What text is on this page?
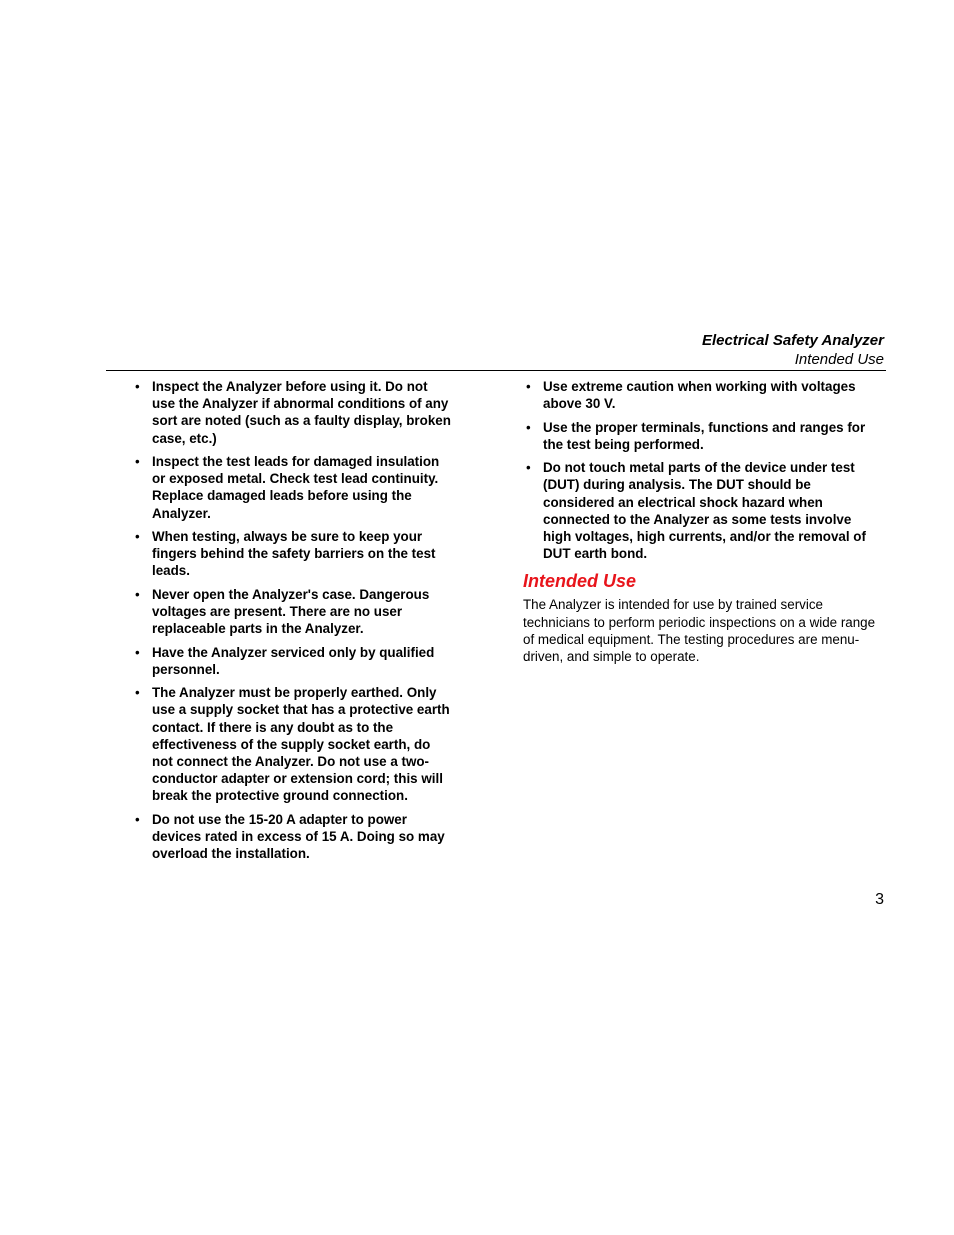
Electrical Safety Analyzer
Intended Use
• Inspect the Analyzer before using it. Do not use the Analyzer if abnormal conditions of any sort are noted (such as a faulty display, broken case, etc.)
• Inspect the test leads for damaged insulation or exposed metal. Check test lead continuity. Replace damaged leads before using the Analyzer.
• When testing, always be sure to keep your fingers behind the safety barriers on the test leads.
• Never open the Analyzer's case. Dangerous voltages are present. There are no user replaceable parts in the Analyzer.
• Have the Analyzer serviced only by qualified personnel.
• The Analyzer must be properly earthed. Only use a supply socket that has a protective earth contact. If there is any doubt as to the effectiveness of the supply socket earth, do not connect the Analyzer. Do not use a two-conductor adapter or extension cord; this will break the protective ground connection.
• Do not use the 15-20 A adapter to power devices rated in excess of 15 A. Doing so may overload the installation.
• Use extreme caution when working with voltages above 30 V.
• Use the proper terminals, functions and ranges for the test being performed.
• Do not touch metal parts of the device under test (DUT) during analysis. The DUT should be considered an electrical shock hazard when connected to the Analyzer as some tests involve high voltages, high currents, and/or the removal of DUT earth bond.
Intended Use

The Analyzer is intended for use by trained service technicians to perform periodic inspections on a wide range of medical equipment. The testing procedures are menu-driven, and simple to operate.

3
